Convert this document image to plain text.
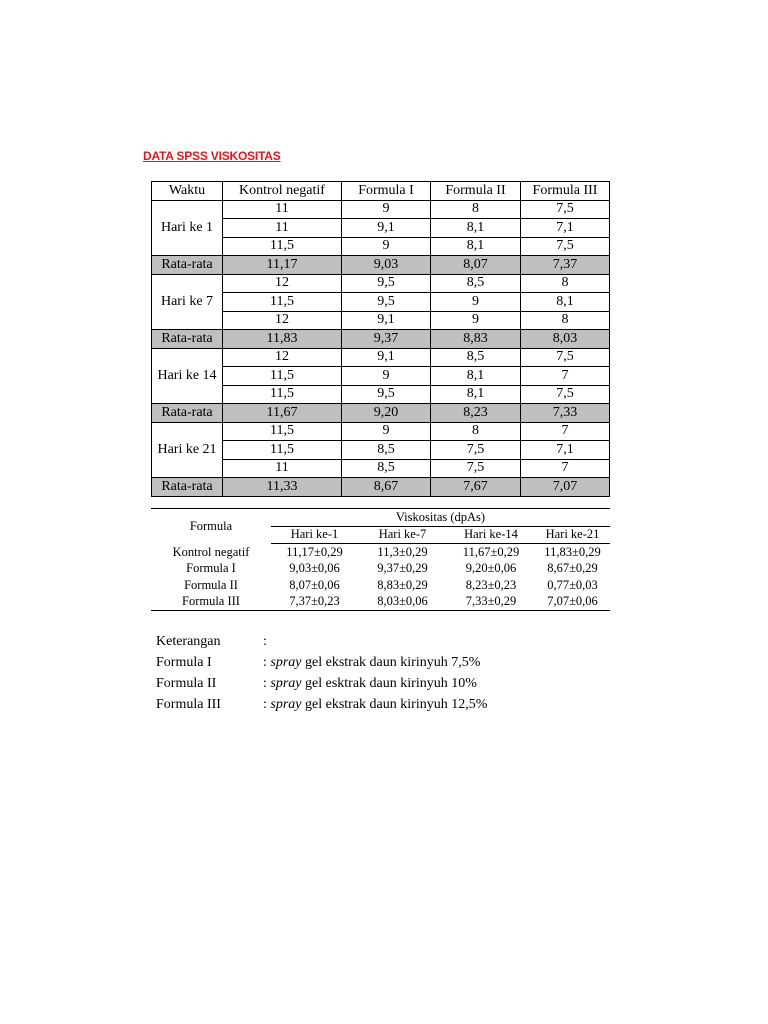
DATA SPSS VISKOSITAS
Waktu	Kontrol negatif	Formula I	Formula II	Formula III
Hari ke 1	11	9	8	7,5
	11	9,1	8,1	7,1
	11,5	9	8,1	7,5
Rata-rata	11,17	9,03	8,07	7,37
Hari ke 7	12	9,5	8,5	8
	11,5	9,5	9	8,1
	12	9,1	9	8
Rata-rata	11,83	9,37	8,83	8,03
Hari ke 14	12	9,1	8,5	7,5
	11,5	9	8,1	7
	11,5	9,5	8,1	7,5
Rata-rata	11,67	9,20	8,23	7,33
Hari ke 21	11,5	9	8	7
	11,5	8,5	7,5	7,1
	11	8,5	7,5	7
Rata-rata	11,33	8,67	7,67	7,07
Formula	Viskositas (dpAs)			
	Hari ke-1	Hari ke-7	Hari ke-14	Hari ke-21
Kontrol negatif	11,17±0,29	11,3±0,29	11,67±0,29	11,83±0,29
Formula I	9,03±0,06	9,37±0,29	9,20±0,06	8,67±0,29
Formula II	8,07±0,06	8,83±0,29	8,23±0,23	0,77±0,03
Formula III	7,37±0,23	8,03±0,06	7,33±0,29	7,07±0,06
Keterangan	:
Formula I	: spray gel ekstrak daun kirinyuh 7,5%
Formula II	: spray gel esktrak daun kirinyuh 10%
Formula III	: spray gel ekstrak daun kirinyuh 12,5%
